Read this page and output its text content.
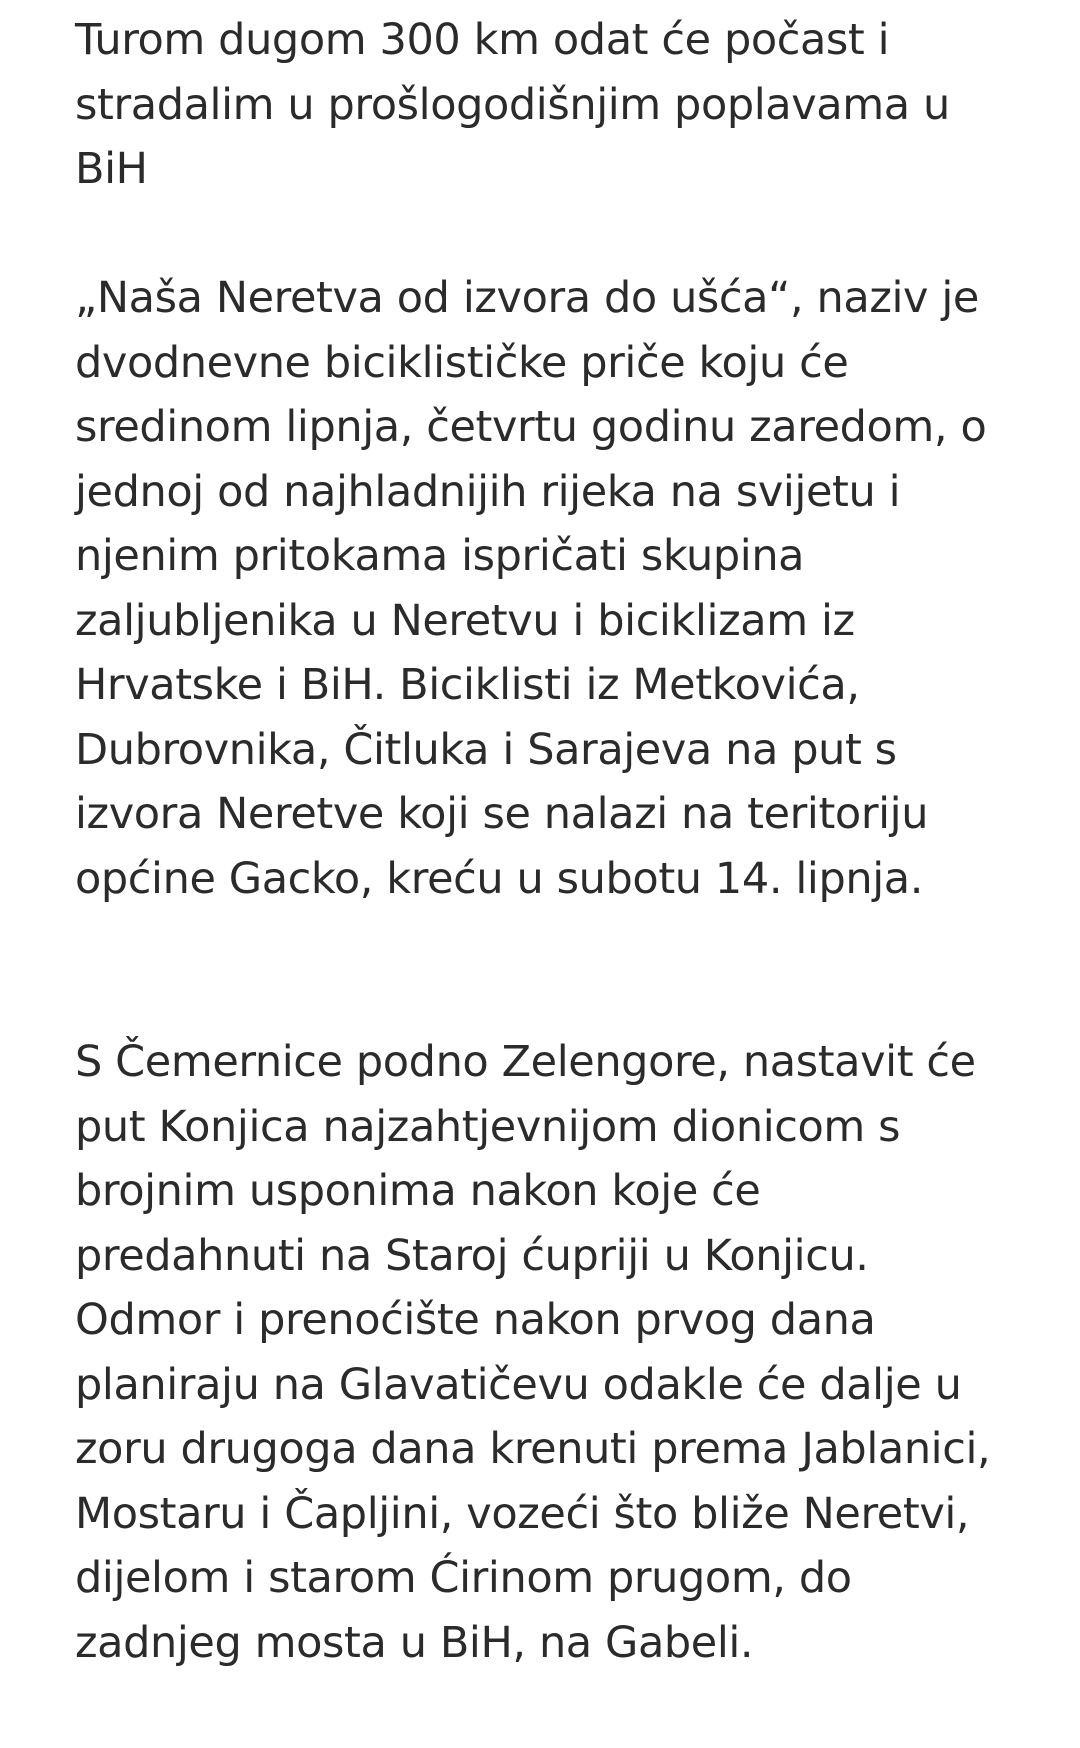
Turom dugom 300 km odat će počast i
stradalim u prošlogodišnjim poplavama u
BiH

„Naša Neretva od izvora do ušća“, naziv je
dvodnevne biciklističke priče koju će
sredinom lipnja, četvrtu godinu zaredom, o
jednoj od najhladnijih rijeka na svijetu i
njenim pritokama ispričati skupina
zaljubljenika u Neretvu i biciklizam iz
Hrvatske i BiH. Biciklisti iz Metkovića,
Dubrovnika, Čitluka i Sarajeva na put s
izvora Neretve koji se nalazi na teritoriju
općine Gacko, kreću u subotu 14. lipnja.

S Čemernice podno Zelengore, nastavit će
put Konjica najzahtjevnijom dionicom s
brojnim usponima nakon koje će
predahnuti na Staroj ćupriji u Konjicu.
Odmor i prenoćište nakon prvog dana
planiraju na Glavatičevu odakle će dalje u
zoru drugoga dana krenuti prema Jablanici,
Mostaru i Čapljini, vozeći što bliže Neretvi,
dijelom i starom Ćirinom prugom, do
zadnjeg mosta u BiH, na Gabeli.
